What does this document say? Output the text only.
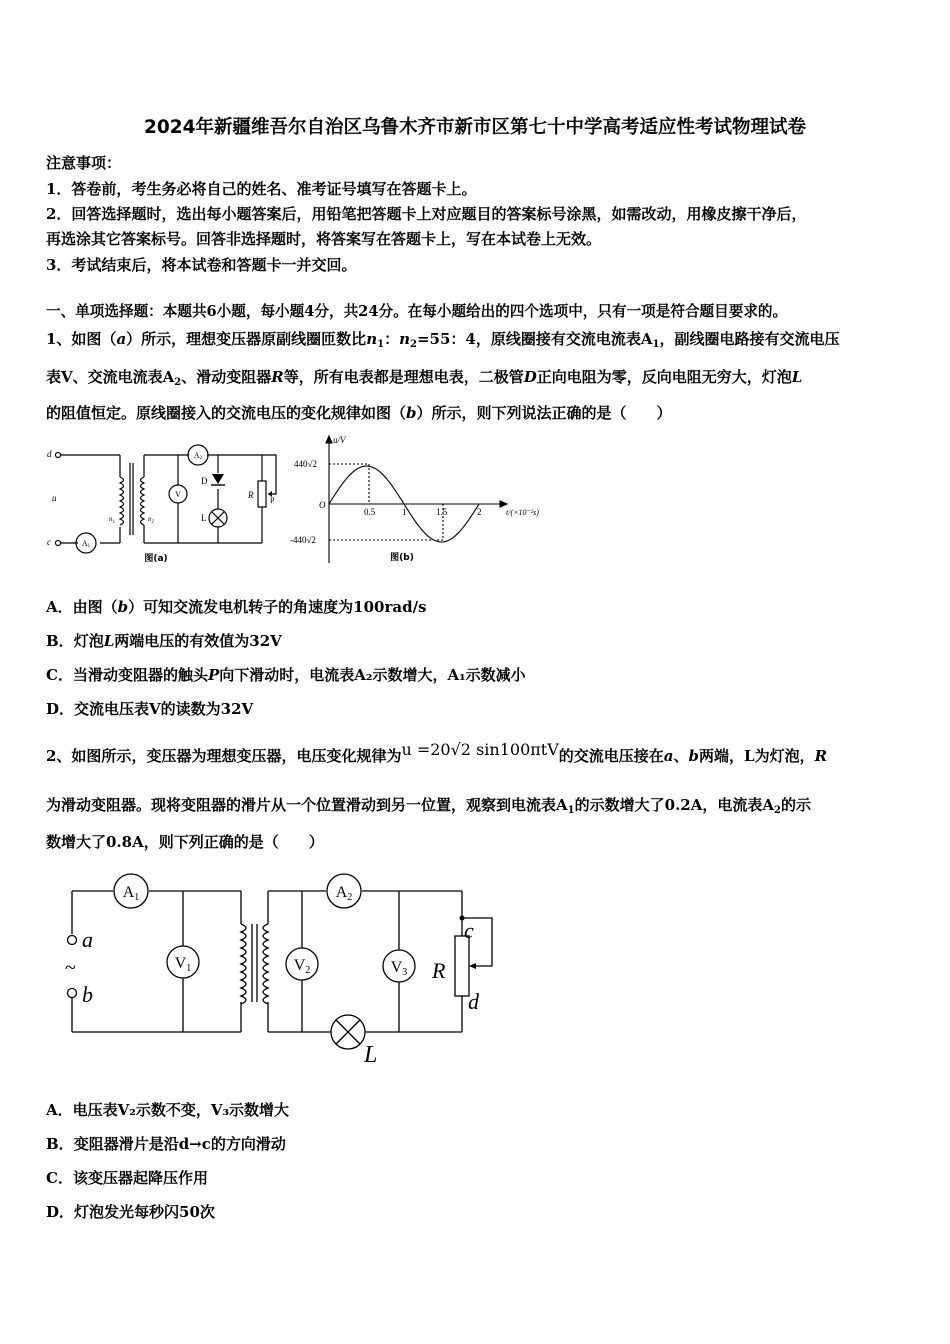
2024年新疆维吾尔自治区乌鲁木齐市新市区第七十中学高考适应性考试物理试卷
注意事项：
1．答卷前，考生务必将自己的姓名、准考证号填写在答题卡上。
2．回答选择题时，选出每小题答案后，用铅笔把答题卡上对应题目的答案标号涂黑，如需改动，用橡皮擦干净后，
再选涂其它答案标号。回答非选择题时，将答案写在答题卡上，写在本试卷上无效。
3．考试结束后，将本试卷和答题卡一并交回。
一、单项选择题：本题共6小题，每小题4分，共24分。在每小题给出的四个选项中，只有一项是符合题目要求的。
1、如图（a）所示，理想变压器原副线圈匝数比$n_1$：$n_2=55$：4，原线圈接有交流电流表$A_1$，副线圈电路接有交流电压
表V、交流电流表$A_2$、滑动变阻器R等，所有电表都是理想电表，二极管D正向电阻为零，反向电阻无穷大，灯泡L
的阻值恒定。原线圈接入的交流电压的变化规律如图（b）所示，则下列说法正确的是（　　）
d
c
u
$n_1$	$n_2$
D
L
R
P
A1
A2
V
图(a)
u/V
440√2
-440√2
O
0.5	1	1.5	2	t/(×10⁻²s)
图(b)
A．由图（b）可知交流发电机转子的角速度为100rad/s
B．灯泡L两端电压的有效值为32V
C．当滑动变阻器的触头P向下滑动时，电流表A₂示数增大，A₁示数减小
D．交流电压表V的读数为32V
2、如图所示，变压器为理想变压器，电压变化规律为u =20√2 sin100πtV的交流电压接在a、b两端，L为灯泡，R
为滑动变阻器。现将变阻器的滑片从一个位置滑动到另一位置，观察到电流表$A_1$的示数增大了0.2A，电流表$A_2$的示
数增大了0.8A，则下列正确的是（　　）
A1	A2
V1	V2	V3
a
b
~	R
c
d
L
A．电压表V₂示数不变，V₃示数增大
B．变阻器滑片是沿d→c的方向滑动
C．该变压器起降压作用
D．灯泡发光每秒闪50次
